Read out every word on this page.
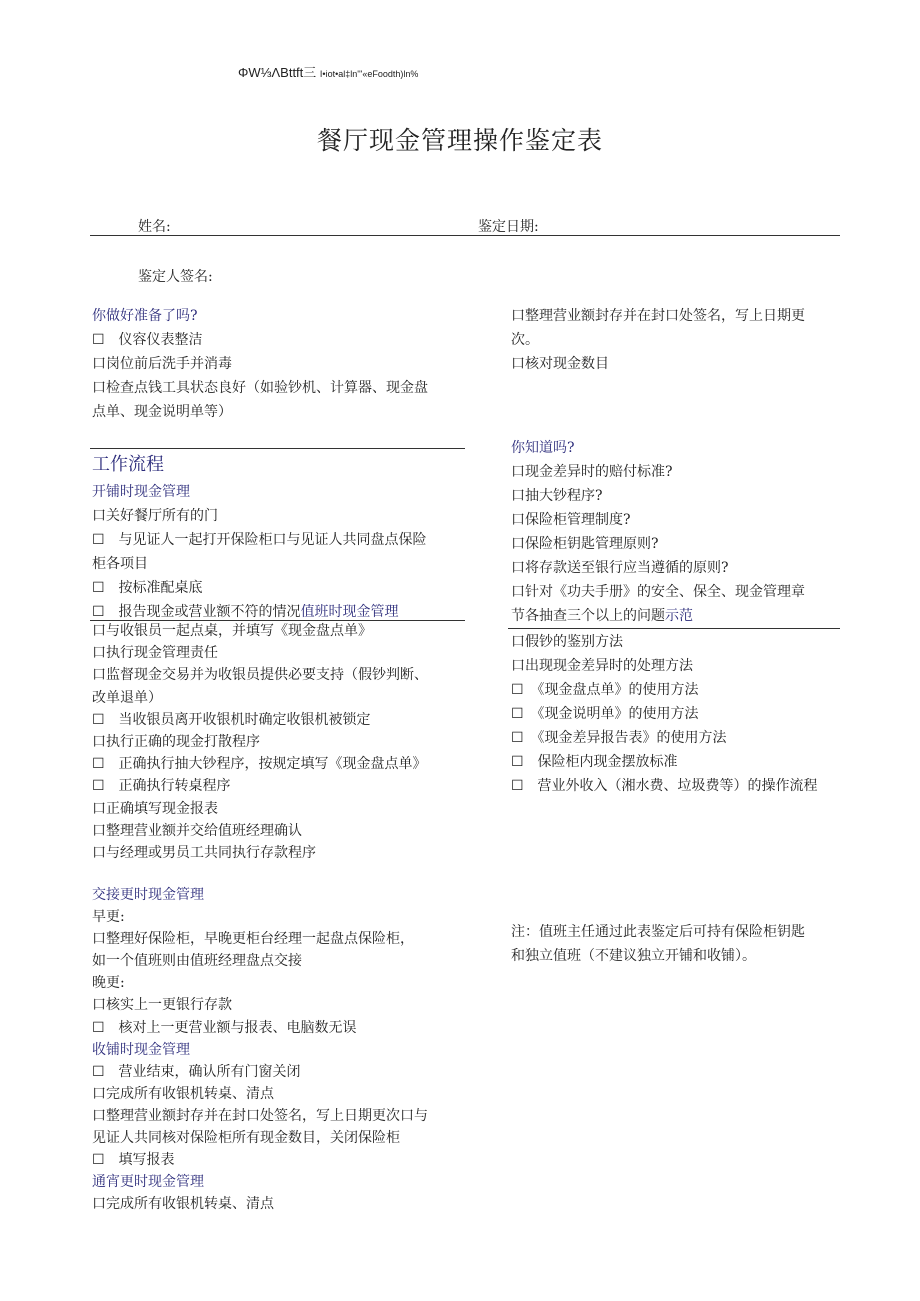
ΦW⅓ΛBttft三 I•iot•al‡ln'''«eFoodth)ln%
餐厅现金管理操作鉴定表
姓名:	鉴定日期:
鉴定人签名:
你做好准备了吗?
☐　仪容仪表整洁
口岗位前后洗手并消毒
口检查点钱工具状态良好（如验钞机、计算器、现金盘
点单、现金说明单等）
工作流程
开铺时现金管理
口关好餐厅所有的门
☐　与见证人一起打开保险柜口与见证人共同盘点保险
柜各项目
☐　按标准配桌底
☐　报告现金或营业额不符的情况值班时现金管理
口与收银员一起点桌，并填写《现金盘点单》
口执行现金管理责任
口监督现金交易并为收银员提供必要支持（假钞判断、
改单退单）
☐　当收银员离开收银机时确定收银机被锁定
口执行正确的现金打散程序
☐　正确执行抽大钞程序，按规定填写《现金盘点单》
☐　正确执行转桌程序
口正确填写现金报表
口整理营业额并交给值班经理确认
口与经理或男员工共同执行存款程序
交接更时现金管理
早更:
口整理好保险柜，早晚更柜台经理一起盘点保险柜，
如一个值班则由值班经理盘点交接
晚更:
口核实上一更银行存款
☐　核对上一更营业额与报表、电脑数无误
收铺时现金管理
☐　营业结束，确认所有门窗关闭
口完成所有收银机转桌、清点
口整理营业额封存并在封口处签名，写上日期更次口与
见证人共同核对保险柜所有现金数目，关闭保险柜
☐　填写报表
通宵更时现金管理
口完成所有收银机转桌、清点
口整理营业额封存并在封口处签名，写上日期更
次。
口核对现金数目
你知道吗?
口现金差异时的赔付标准?
口抽大钞程序?
口保险柜管理制度?
口保险柜钥匙管理原则?
口将存款送至银行应当遵循的原则?
口针对《功夫手册》的安全、保全、现金管理章
节各抽查三个以上的问题示范
口假钞的鉴别方法
口出现现金差异时的处理方法
☐　《现金盘点单》的使用方法
☐　《现金说明单》的使用方法
☐　《现金差异报告表》的使用方法
☐　保险柜内现金摆放标准
☐　营业外收入（湘水费、垃圾费等）的操作流程
注：值班主任通过此表鉴定后可持有保险柜钥匙
和独立值班（不建议独立开铺和收铺）。
